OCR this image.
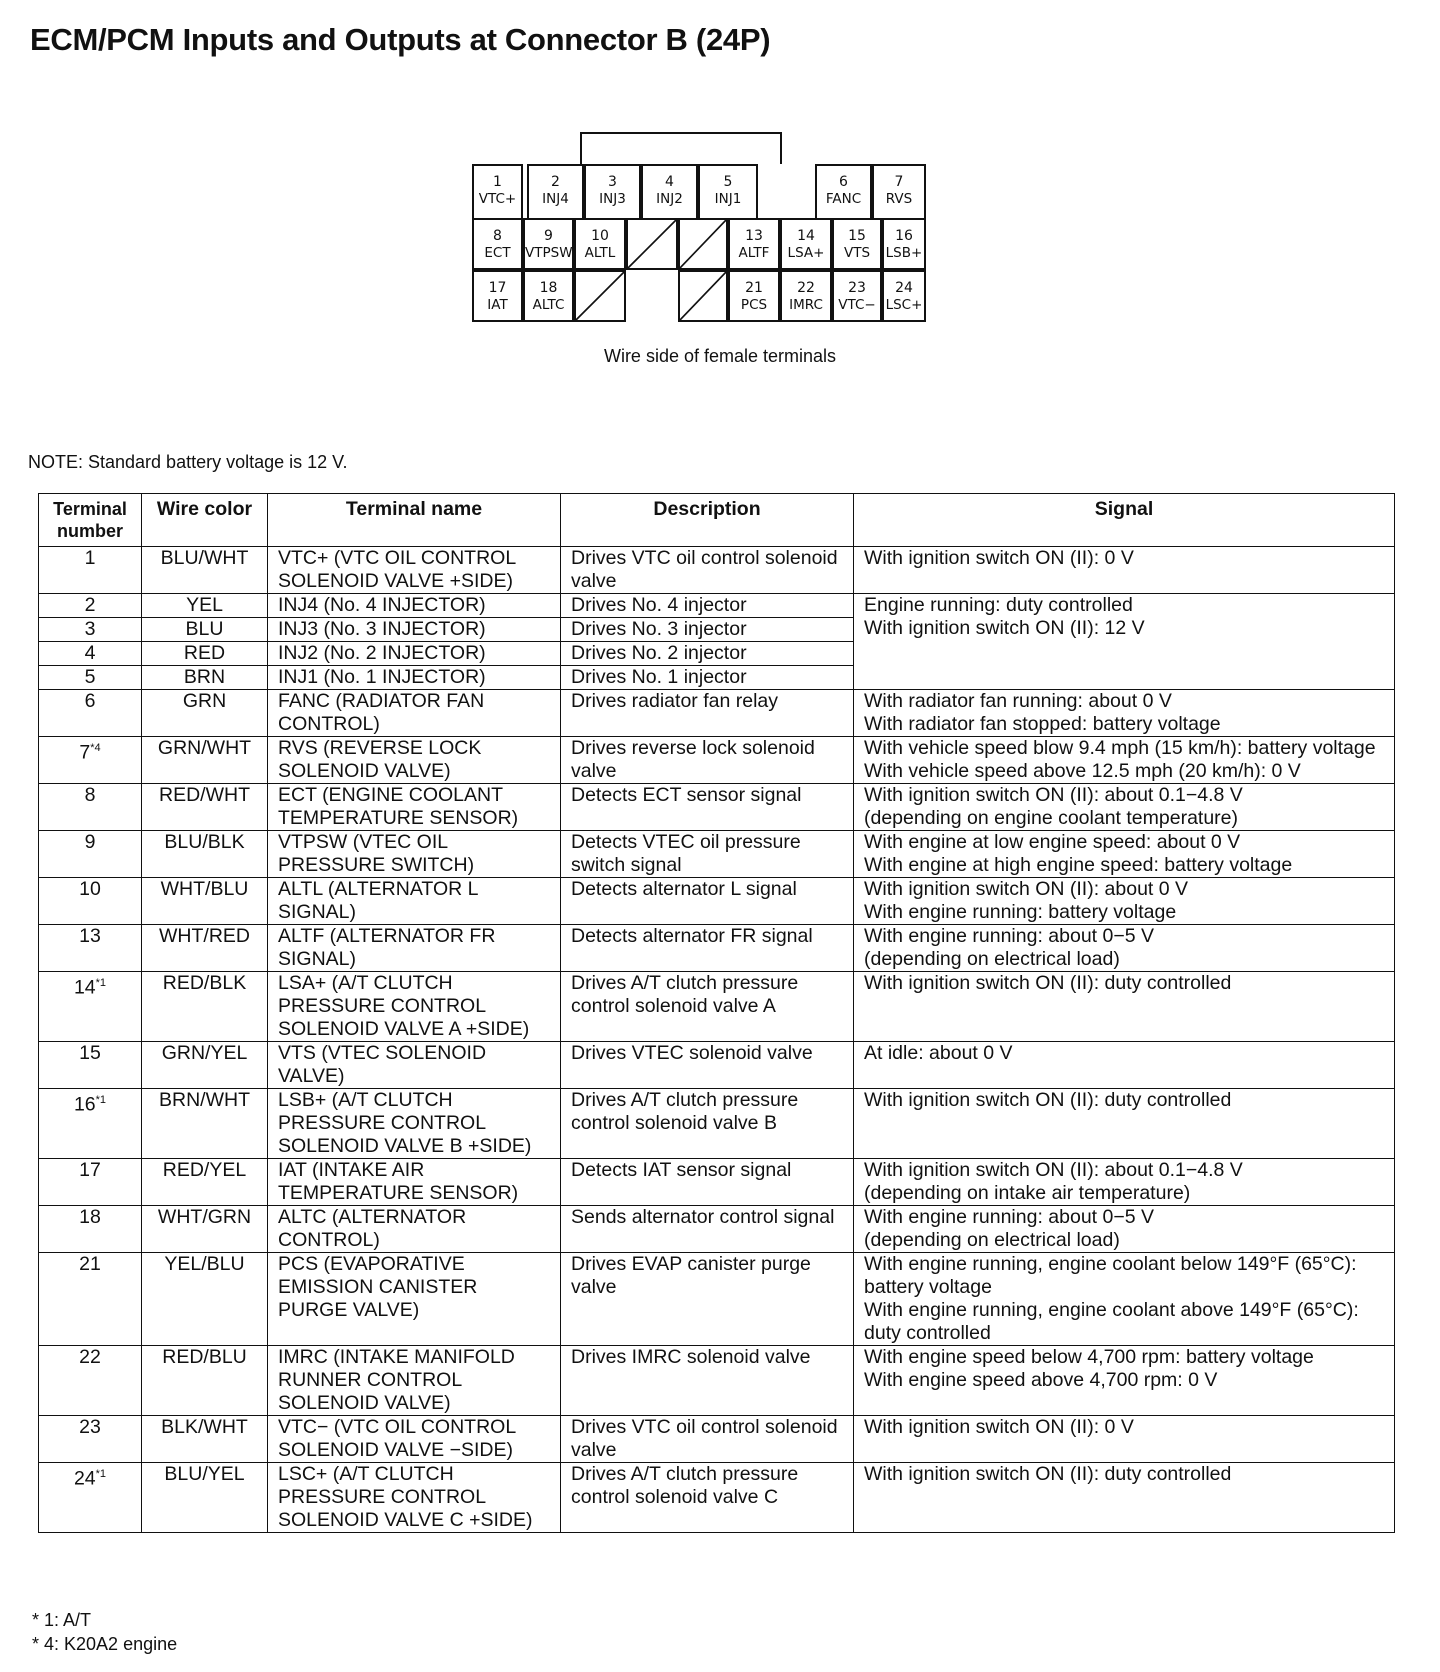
ECM/PCM Inputs and Outputs at Connector B (24P)
1
VTC+
2
INJ4
3
INJ3
4
INJ2
5
INJ1
6
FANC
7
RVS
8
ECT
9
VTPSW
10
ALTL
13
ALTF
14
LSA+
15
VTS
16
LSB+
17
IAT
18
ALTC
21
PCS
22
IMRC
23
VTC−
24
LSC+
Wire side of female terminals
NOTE: Standard battery voltage is 12 V.
Terminal number	Wire color	Terminal name	Description	Signal
1	BLU/WHT	VTC+ (VTC OIL CONTROL SOLENOID VALVE +SIDE)	Drives VTC oil control solenoid valve	With ignition switch ON (II): 0 V
2	YEL	INJ4 (No. 4 INJECTOR)	Drives No. 4 injector	Engine running: duty controlled
With ignition switch ON (II): 12 V
3	BLU	INJ3 (No. 3 INJECTOR)	Drives No. 3 injector	
4	RED	INJ2 (No. 2 INJECTOR)	Drives No. 2 injector	
5	BRN	INJ1 (No. 1 INJECTOR)	Drives No. 1 injector	
6	GRN	FANC (RADIATOR FAN CONTROL)	Drives radiator fan relay	With radiator fan running: about 0 V
With radiator fan stopped: battery voltage
7$^{*4}$	GRN/WHT	RVS (REVERSE LOCK SOLENOID VALVE)	Drives reverse lock solenoid valve	With vehicle speed blow 9.4 mph (15 km/h): battery voltage
With vehicle speed above 12.5 mph (20 km/h): 0 V
8	RED/WHT	ECT (ENGINE COOLANT TEMPERATURE SENSOR)	Detects ECT sensor signal	With ignition switch ON (II): about 0.1−4.8 V
(depending on engine coolant temperature)
9	BLU/BLK	VTPSW (VTEC OIL PRESSURE SWITCH)	Detects VTEC oil pressure switch signal	With engine at low engine speed: about 0 V
With engine at high engine speed: battery voltage
10	WHT/BLU	ALTL (ALTERNATOR L SIGNAL)	Detects alternator L signal	With ignition switch ON (II): about 0 V
With engine running: battery voltage
13	WHT/RED	ALTF (ALTERNATOR FR SIGNAL)	Detects alternator FR signal	With engine running: about 0−5 V
(depending on electrical load)
14$^{*1}$	RED/BLK	LSA+ (A/T CLUTCH PRESSURE CONTROL SOLENOID VALVE A +SIDE)	Drives A/T clutch pressure control solenoid valve A	With ignition switch ON (II): duty controlled
15	GRN/YEL	VTS (VTEC SOLENOID VALVE)	Drives VTEC solenoid valve	At idle: about 0 V
16$^{*1}$	BRN/WHT	LSB+ (A/T CLUTCH PRESSURE CONTROL SOLENOID VALVE B +SIDE)	Drives A/T clutch pressure control solenoid valve B	With ignition switch ON (II): duty controlled
17	RED/YEL	IAT (INTAKE AIR TEMPERATURE SENSOR)	Detects IAT sensor signal	With ignition switch ON (II): about 0.1−4.8 V
(depending on intake air temperature)
18	WHT/GRN	ALTC (ALTERNATOR CONTROL)	Sends alternator control signal	With engine running: about 0−5 V
(depending on electrical load)
21	YEL/BLU	PCS (EVAPORATIVE EMISSION CANISTER PURGE VALVE)	Drives EVAP canister purge valve	With engine running, engine coolant below 149°F (65°C): battery voltage
With engine running, engine coolant above 149°F (65°C): duty controlled
22	RED/BLU	IMRC (INTAKE MANIFOLD RUNNER CONTROL SOLENOID VALVE)	Drives IMRC solenoid valve	With engine speed below 4,700 rpm: battery voltage
With engine speed above 4,700 rpm: 0 V
23	BLK/WHT	VTC− (VTC OIL CONTROL SOLENOID VALVE −SIDE)	Drives VTC oil control solenoid valve	With ignition switch ON (II): 0 V
24$^{*1}$	BLU/YEL	LSC+ (A/T CLUTCH PRESSURE CONTROL SOLENOID VALVE C +SIDE)	Drives A/T clutch pressure control solenoid valve C	With ignition switch ON (II): duty controlled
* 1: A/T
* 4: K20A2 engine
